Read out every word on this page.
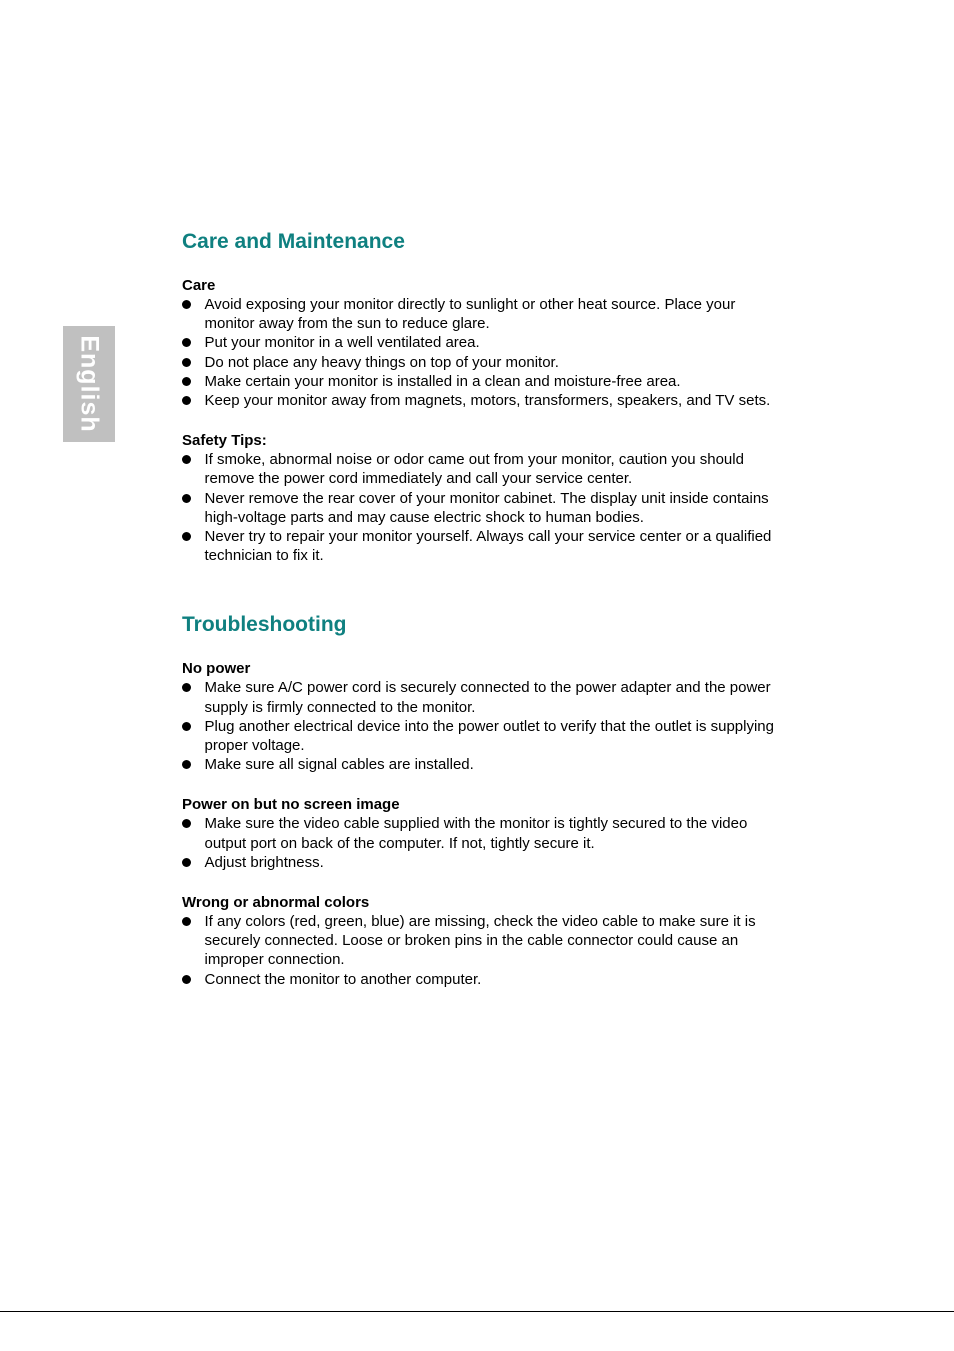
English
Care and Maintenance

Care

Avoid exposing your monitor directly to sunlight or other heat source. Place your monitor away from the sun to reduce glare.
Put your monitor in a well ventilated area.
Do not place any heavy things on top of your monitor.
Make certain your monitor is installed in a clean and moisture-free area.
Keep your monitor away from magnets, motors, transformers, speakers, and TV sets.

Safety Tips:

If smoke, abnormal noise or odor came out from your monitor, caution you should remove the power cord immediately and call your service center.
Never remove the rear cover of your monitor cabinet. The display unit inside contains high-voltage parts and may cause electric shock to human bodies.
Never try to repair your monitor yourself. Always call your service center or a qualified technician to fix it.
Troubleshooting

No power

Make sure A/C power cord is securely connected to the power adapter and the power supply is firmly connected to the monitor.
Plug another electrical device into the power outlet to verify that the outlet is supplying proper voltage.
Make sure all signal cables are installed.

Power on but no screen image

Make sure the video cable supplied with the monitor is tightly secured to the video output port on back of the computer. If not, tightly secure it.
Adjust brightness.

Wrong or abnormal colors

If any colors (red, green, blue) are missing, check the video cable to make sure it is securely connected. Loose or broken pins in the cable connector could cause an improper connection.
Connect the monitor to another computer.
